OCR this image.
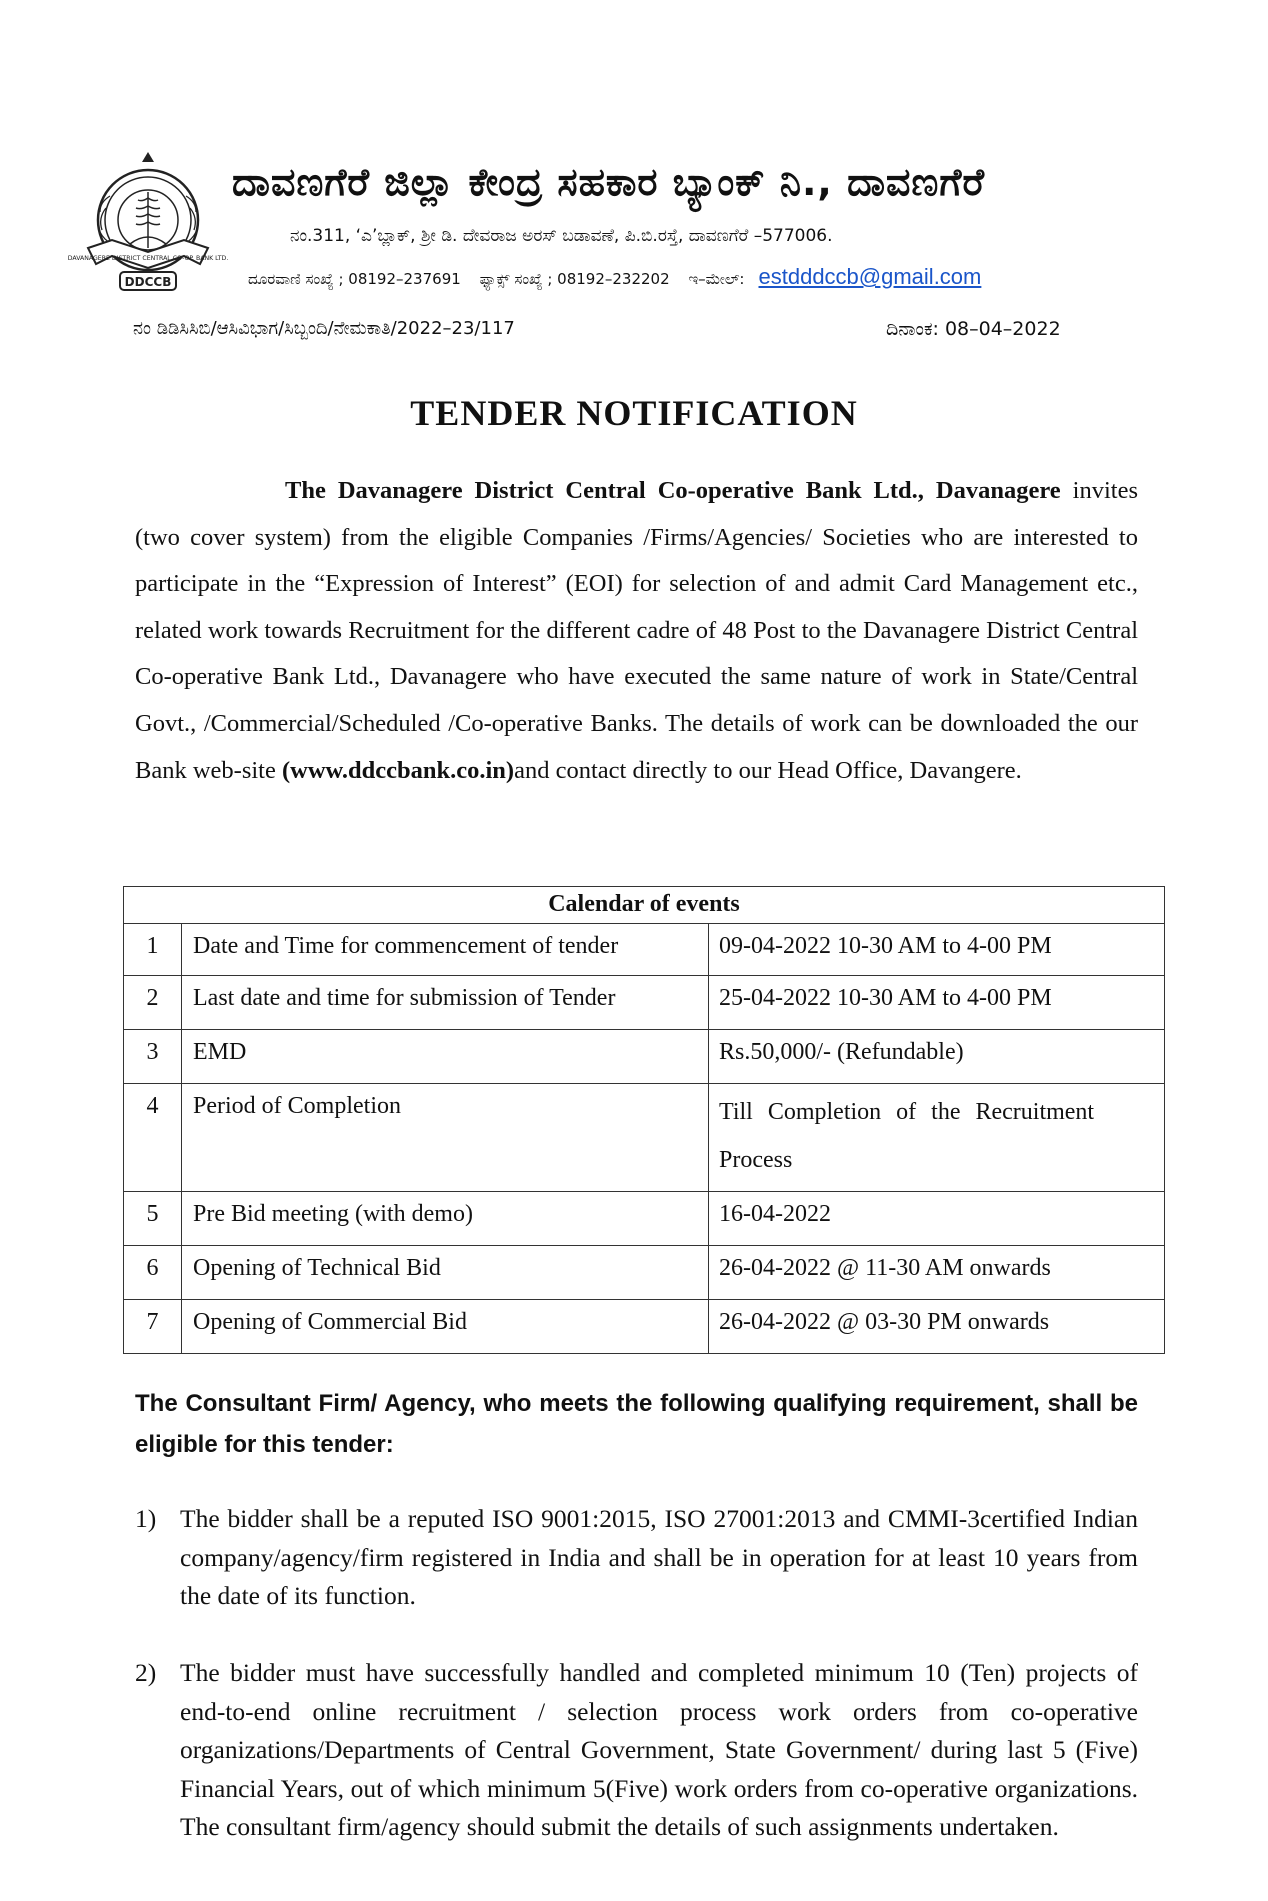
DAVANAGERE DISTRICT CENTRAL CO-OP. BANK LTD.
DDCCB
ದಾವಣಗೆರೆ ಜಿಲ್ಲಾ ಕೇಂದ್ರ ಸಹಕಾರ ಬ್ಯಾಂಕ್ ನಿ., ದಾವಣಗೆರೆ
ನಂ.311, ‘ಎ’ಬ್ಲಾಕ್, ಶ್ರೀ ಡಿ. ದೇವರಾಜ ಅರಸ್ ಬಡಾವಣೆ, ಪಿ.ಬಿ.ರಸ್ತೆ, ದಾವಣಗೆರೆ –577006.
ದೂರವಾಣಿ ಸಂಖ್ಯೆ ; 08192–237691 ಫ್ಯಾಕ್ಸ್ ಸಂಖ್ಯೆ ; 08192–232202 ಇ–ಮೇಲ್: estdddccb@gmail.com
ನಂ ಡಿಡಿಸಿಸಿಬಿ/ಆಸಿವಿಭಾಗ/ಸಿಬ್ಬಂದಿ/ನೇಮಕಾತಿ/2022–23/117	ದಿನಾಂಕ: 08–04–2022
TENDER NOTIFICATION
The Davanagere District Central Co-operative Bank Ltd., Davanagere invites (two cover system) from the eligible Companies /Firms/Agencies/ Societies who are interested to participate in the “Expression of Interest” (EOI) for selection of and admit Card Management etc., related work towards Recruitment for the different cadre of 48 Post to the Davanagere District Central Co-operative Bank Ltd., Davanagere who have executed the same nature of work in State/Central Govt., /Commercial/Scheduled /Co-operative Banks. The details of work can be downloaded the our Bank web-site (www.ddccbank.co.in)and contact directly to our Head Office, Davangere.
Calendar of events		
1	Date and Time for commencement of tender	09-04-2022 10-30 AM to 4-00 PM
2	Last date and time for submission of Tender	25-04-2022 10-30 AM to 4-00 PM
3	EMD	Rs.50,000/- (Refundable)
4	Period of Completion	Till Completion of the Recruitment
Process

5	Pre Bid meeting (with demo)	16-04-2022
6	Opening of Technical Bid	26-04-2022 @ 11-30 AM onwards
7	Opening of Commercial Bid	26-04-2022 @ 03-30 PM onwards
The Consultant Firm/ Agency, who meets the following qualifying requirement, shall be eligible for this tender:
1) The bidder shall be a reputed ISO 9001:2015, ISO 27001:2013 and CMMI-3certified Indian company/agency/firm registered in India and shall be in operation for at least 10 years from the date of its function.
2) The bidder must have successfully handled and completed minimum 10 (Ten) projects of end-to-end online recruitment / selection process work orders from co-operative organizations/Departments of Central Government, State Government/ during last 5 (Five) Financial Years, out of which minimum 5(Five) work orders from co-operative organizations. The consultant firm/agency should submit the details of such assignments undertaken.
